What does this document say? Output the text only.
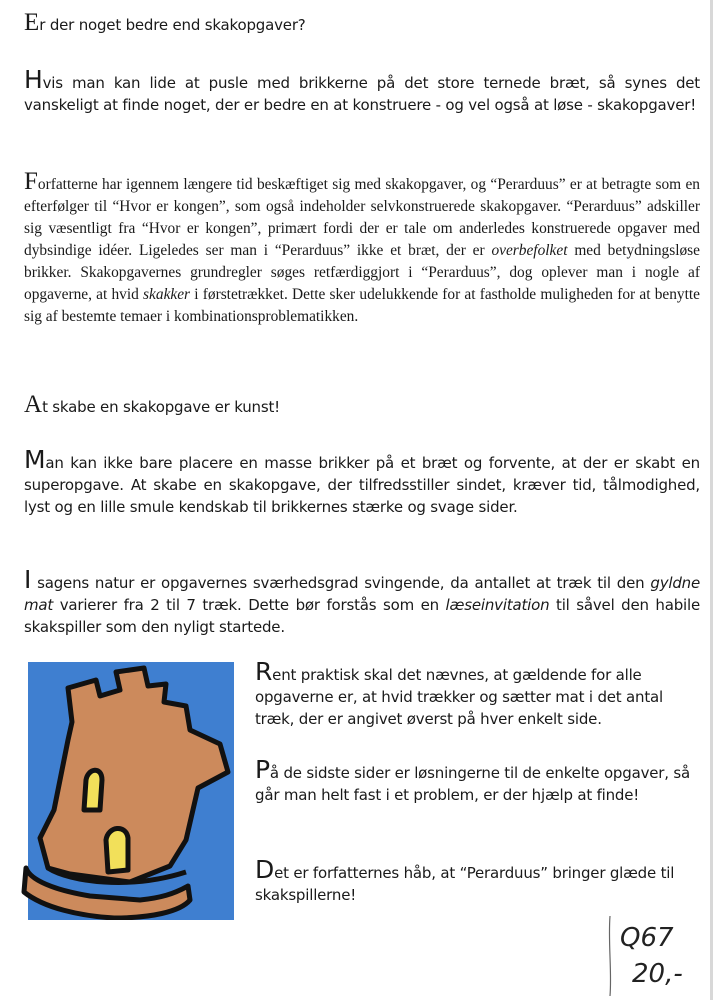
Er der noget bedre end skakopgaver?

Hvis man kan lide at pusle med brikkerne på det store ternede bræt, så synes det vanskeligt at finde noget, der er bedre en at konstruere - og vel også at løse - skakopgaver!

Forfatterne har igennem længere tid beskæftiget sig med skakopgaver, og “Perarduus” er at betragte som en efterfølger til “Hvor er kongen”, som også indeholder selvkonstruerede skakopgaver. “Perarduus” adskiller sig væsentligt fra “Hvor er kongen”, primært fordi der er tale om anderledes konstruerede opgaver med dybsindige idéer. Ligeledes ser man i “Perarduus” ikke et bræt, der er overbefolket med betydningsløse brikker. Skakopgavernes grundregler søges retfærdiggjort i “Perarduus”, dog oplever man i nogle af opgaverne, at hvid skakker i førstetrækket. Dette sker udelukkende for at fastholde muligheden for at benytte sig af bestemte temaer i kombinationsproblematikken.

At skabe en skakopgave er kunst!

Man kan ikke bare placere en masse brikker på et bræt og forvente, at der er skabt en superopgave. At skabe en skakopgave, der tilfredsstiller sindet, kræver tid, tålmodighed, lyst og en lille smule kendskab til brikkernes stærke og svage sider.

I sagens natur er opgavernes sværhedsgrad svingende, da antallet at træk til den gyldne mat varierer fra 2 til 7 træk. Dette bør forstås som en læseinvitation til såvel den habile skakspiller som den nyligt startede.

Rent praktisk skal det nævnes, at gældende for alle opgaverne er, at hvid trækker og sætter mat i det antal træk, der er angivet øverst på hver enkelt side.

På de sidste sider er løsningerne til de enkelte opgaver, så går man helt fast i et problem, er der hjælp at finde!

Det er forfatternes håb, at “Perarduus” bringer glæde til skakspillerne!

Q67
20,-
